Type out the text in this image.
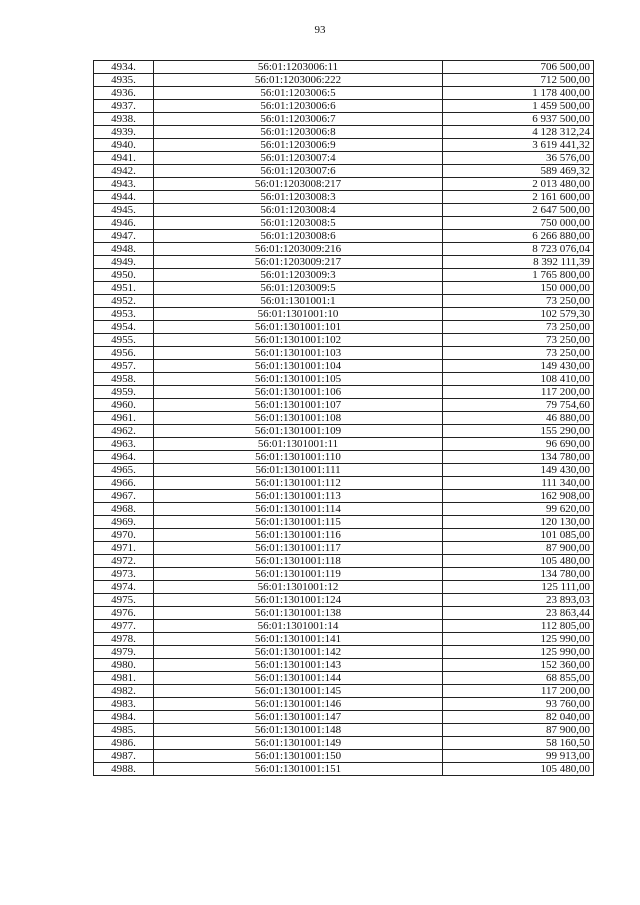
93
4934.	56:01:1203006:11	706 500,00
4935.	56:01:1203006:222	712 500,00
4936.	56:01:1203006:5	1 178 400,00
4937.	56:01:1203006:6	1 459 500,00
4938.	56:01:1203006:7	6 937 500,00
4939.	56:01:1203006:8	4 128 312,24
4940.	56:01:1203006:9	3 619 441,32
4941.	56:01:1203007:4	36 576,00
4942.	56:01:1203007:6	589 469,32
4943.	56:01:1203008:217	2 013 480,00
4944.	56:01:1203008:3	2 161 600,00
4945.	56:01:1203008:4	2 647 500,00
4946.	56:01:1203008:5	750 000,00
4947.	56:01:1203008:6	6 266 880,00
4948.	56:01:1203009:216	8 723 076,04
4949.	56:01:1203009:217	8 392 111,39
4950.	56:01:1203009:3	1 765 800,00
4951.	56:01:1203009:5	150 000,00
4952.	56:01:1301001:1	73 250,00
4953.	56:01:1301001:10	102 579,30
4954.	56:01:1301001:101	73 250,00
4955.	56:01:1301001:102	73 250,00
4956.	56:01:1301001:103	73 250,00
4957.	56:01:1301001:104	149 430,00
4958.	56:01:1301001:105	108 410,00
4959.	56:01:1301001:106	117 200,00
4960.	56:01:1301001:107	79 754,60
4961.	56:01:1301001:108	46 880,00
4962.	56:01:1301001:109	155 290,00
4963.	56:01:1301001:11	96 690,00
4964.	56:01:1301001:110	134 780,00
4965.	56:01:1301001:111	149 430,00
4966.	56:01:1301001:112	111 340,00
4967.	56:01:1301001:113	162 908,00
4968.	56:01:1301001:114	99 620,00
4969.	56:01:1301001:115	120 130,00
4970.	56:01:1301001:116	101 085,00
4971.	56:01:1301001:117	87 900,00
4972.	56:01:1301001:118	105 480,00
4973.	56:01:1301001:119	134 780,00
4974.	56:01:1301001:12	125 111,00
4975.	56:01:1301001:124	23 893,03
4976.	56:01:1301001:138	23 863,44
4977.	56:01:1301001:14	112 805,00
4978.	56:01:1301001:141	125 990,00
4979.	56:01:1301001:142	125 990,00
4980.	56:01:1301001:143	152 360,00
4981.	56:01:1301001:144	68 855,00
4982.	56:01:1301001:145	117 200,00
4983.	56:01:1301001:146	93 760,00
4984.	56:01:1301001:147	82 040,00
4985.	56:01:1301001:148	87 900,00
4986.	56:01:1301001:149	58 160,50
4987.	56:01:1301001:150	99 913,00
4988.	56:01:1301001:151	105 480,00
